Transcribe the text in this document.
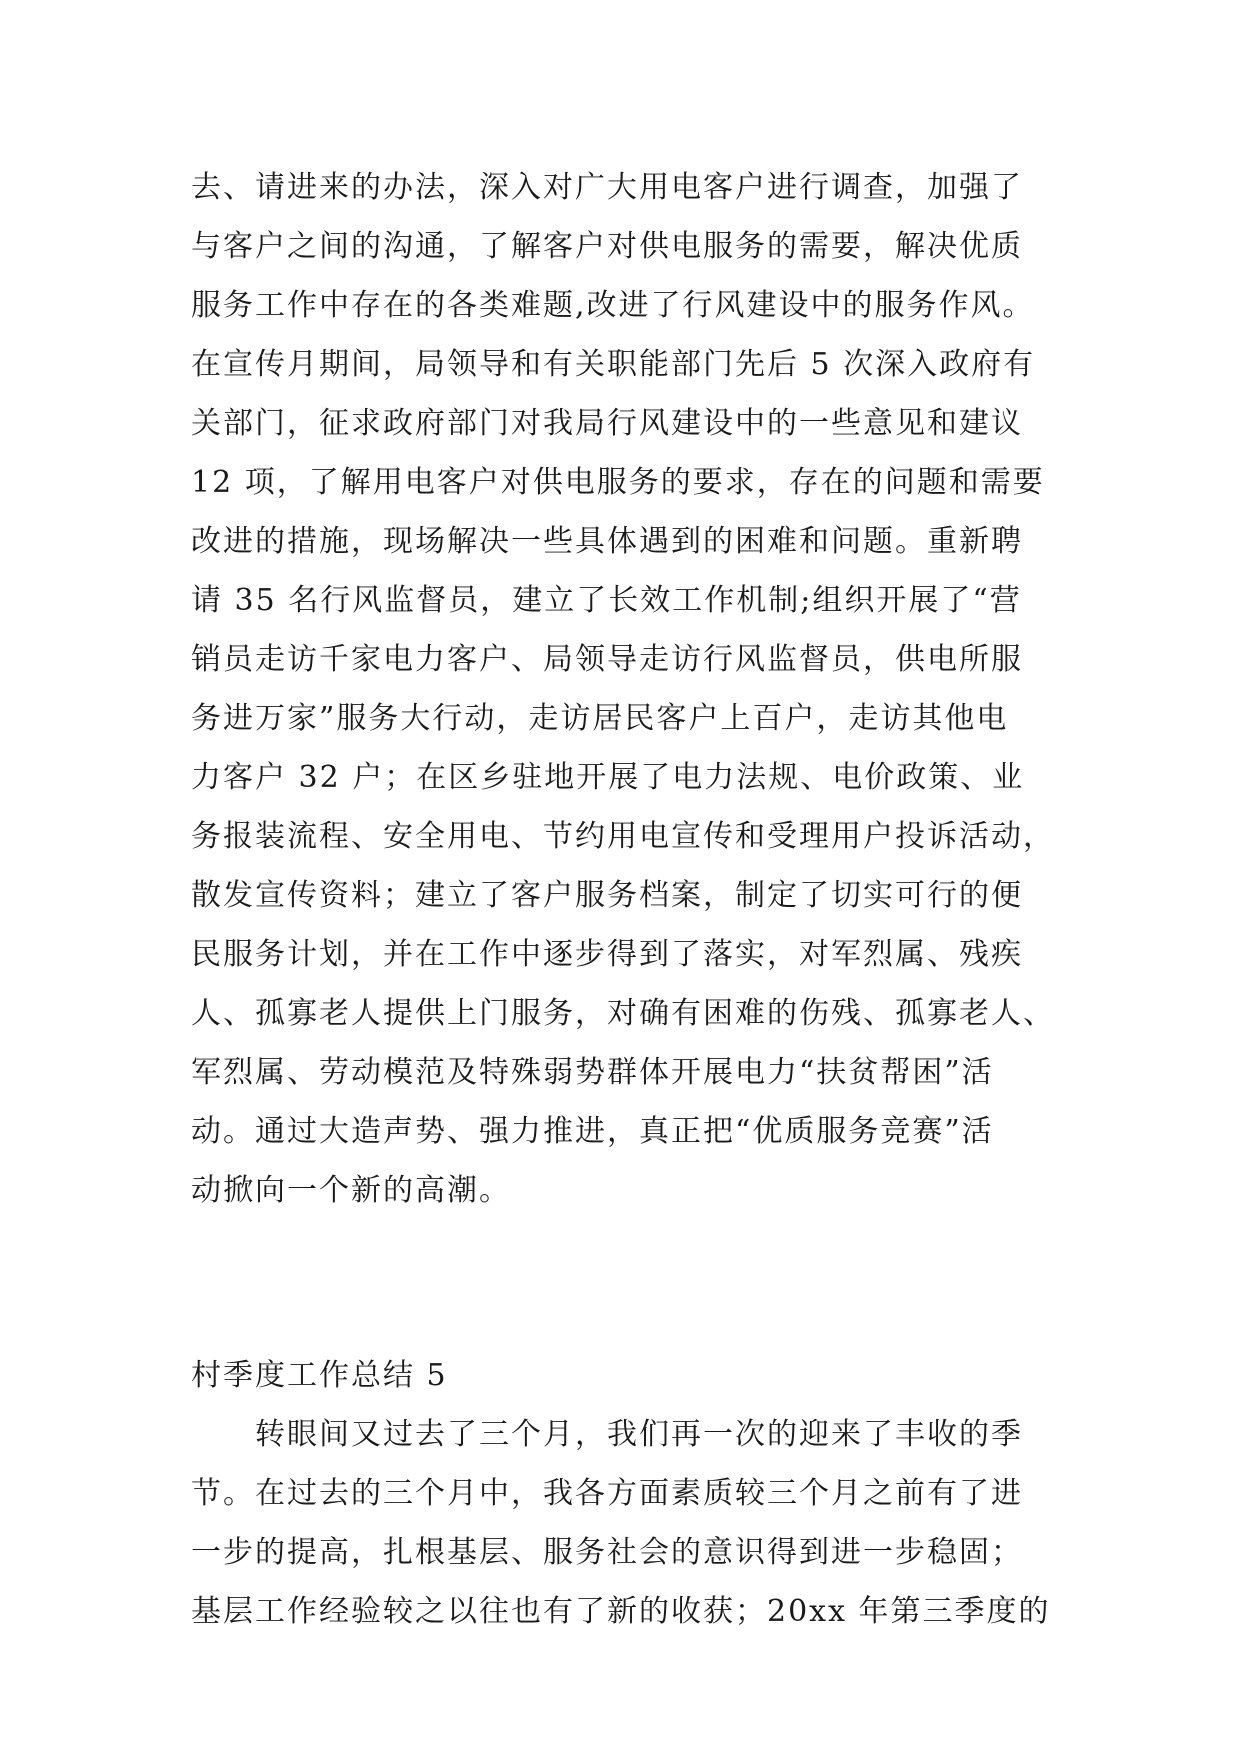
去、请进来的办法，深入对广大用电客户进行调查，加强了
与客户之间的沟通，了解客户对供电服务的需要，解决优质
服务工作中存在的各类难题,改进了行风建设中的服务作风。
在宣传月期间，局领导和有关职能部门先后 5 次深入政府有
关部门，征求政府部门对我局行风建设中的一些意见和建议
12 项，了解用电客户对供电服务的要求，存在的问题和需要
改进的措施，现场解决一些具体遇到的困难和问题。重新聘
请 35 名行风监督员，建立了长效工作机制;组织开展了“营
销员走访千家电力客户、局领导走访行风监督员，供电所服
务进万家”服务大行动，走访居民客户上百户，走访其他电
力客户 32 户；在区乡驻地开展了电力法规、电价政策、业
务报装流程、安全用电、节约用电宣传和受理用户投诉活动，
散发宣传资料；建立了客户服务档案，制定了切实可行的便
民服务计划，并在工作中逐步得到了落实，对军烈属、残疾
人、孤寡老人提供上门服务，对确有困难的伤残、孤寡老人、
军烈属、劳动模范及特殊弱势群体开展电力“扶贫帮困”活
动。通过大造声势、强力推进，真正把“优质服务竞赛”活
动掀向一个新的高潮。
村季度工作总结 5
转眼间又过去了三个月，我们再一次的迎来了丰收的季
节。在过去的三个月中，我各方面素质较三个月之前有了进
一步的提高，扎根基层、服务社会的意识得到进一步稳固；
基层工作经验较之以往也有了新的收获；20xx 年第三季度的
